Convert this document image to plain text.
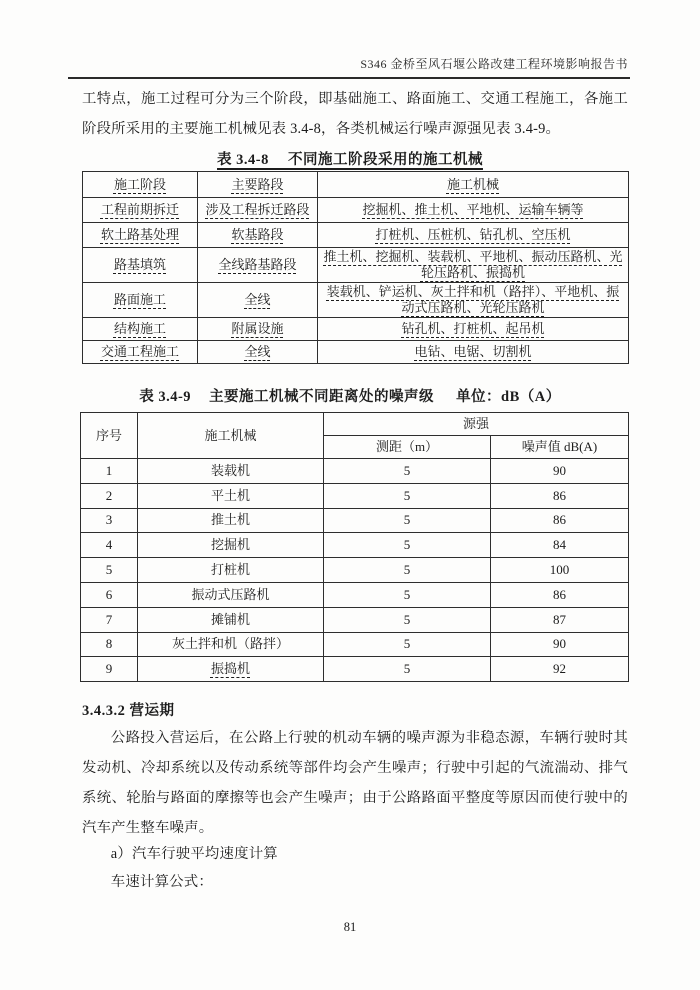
S346 金桥至风石堰公路改建工程环境影响报告书
工特点，施工过程可分为三个阶段，即基础施工、路面施工、交通工程施工，各施工
阶段所采用的主要施工机械见表 3.4-8，各类机械运行噪声源强见表 3.4-9。
表 3.4-8　 不同施工阶段采用的施工机械
施工阶段	主要路段	施工机械
工程前期拆迁	涉及工程拆迁路段	挖掘机、推土机、平地机、运输车辆等
软土路基处理	软基路段	打桩机、压桩机、钻孔机、空压机
路基填筑	全线路基路段	推土机、挖掘机、装载机、平地机、振动压路机、光轮压路机、振捣机
路面施工	全线	装载机、铲运机、灰土拌和机（路拌）、平地机、振动式压路机、光轮压路机
结构施工	附属设施	钻孔机、打桩机、起吊机
交通工程施工	全线	电钻、电锯、切割机
表 3.4-9 主要施工机械不同距离处的噪声级 单位：dB（A）
序号	施工机械	源强	
		测距（m）	噪声值 dB(A)
1	装载机	5	90
2	平土机	5	86
3	推土机	5	86
4	挖掘机	5	84
5	打桩机	5	100
6	振动式压路机	5	86
7	摊铺机	5	87
8	灰土拌和机（路拌）	5	90
9	振捣机	5	92
3.4.3.2 营运期
公路投入营运后，在公路上行驶的机动车辆的噪声源为非稳态源，车辆行驶时其
发动机、冷却系统以及传动系统等部件均会产生噪声；行驶中引起的气流湍动、排气
系统、轮胎与路面的摩擦等也会产生噪声；由于公路路面平整度等原因而使行驶中的
汽车产生整车噪声。
a）汽车行驶平均速度计算
车速计算公式：
81
